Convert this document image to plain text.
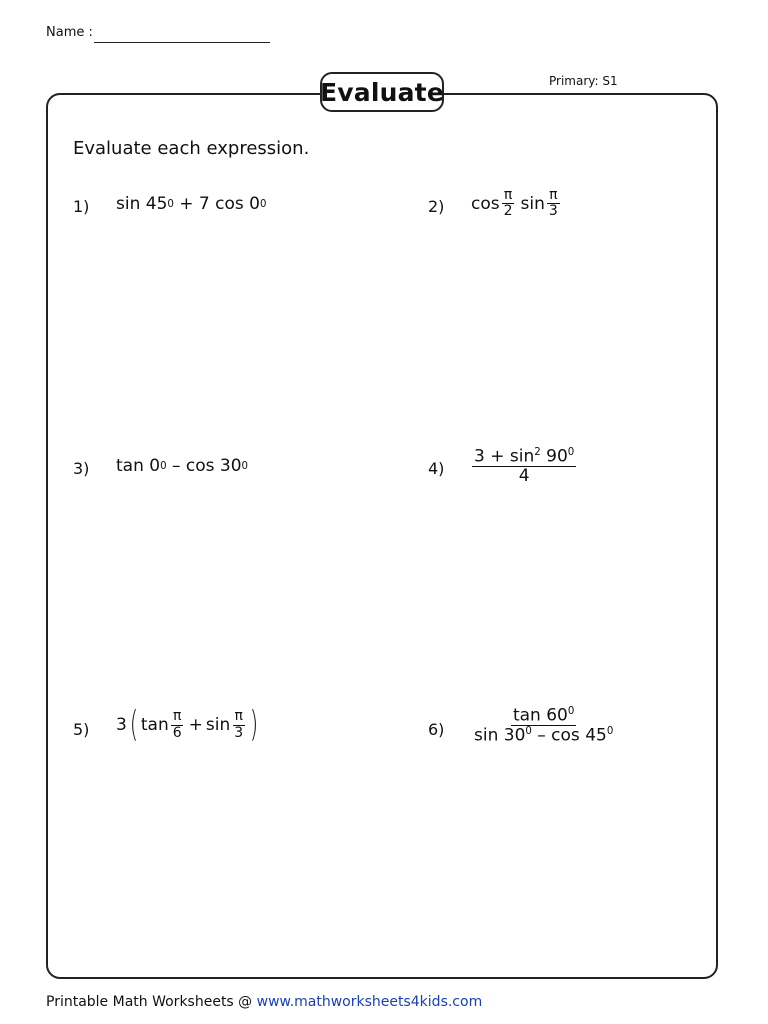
Name :
Evaluate	Primary: S1
Evaluate each expression.
1) sin 45 0 + 7 cos 0 0	2) $\cos \frac{\pi}{2}$ $\sin \frac{\pi}{3}$
3) tan 0 0 – cos 30 0	$4) \frac{3 + \sin^2 90^0}{4}$
5) 3 ( $\tan \frac{\pi}{6} + \sin \frac{\pi}{3}$ )	$6) \frac{\tan 60^0}{\sin 30^0 - \cos 45^0}$
Printable Math Worksheets @ www.mathworksheets4kids.com
